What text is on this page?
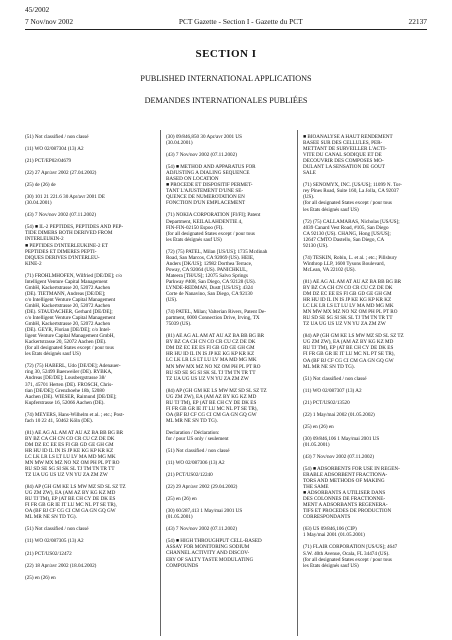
45/2002
7 Nov/nov 2002	PCT Gazette - Section I - Gazette du PCT	22137
SECTION I
PUBLISHED INTERNATIONAL APPLICATIONS
DEMANDES INTERNATIONALES PUBLIÉES
(51) Not classified / non classé
(11) WO 02/087304 (13) A2
(21) PCT/EP02/04679
(22) 27 Apr/avr 2002 (27.04.2002)
(25) de (26) de
(30) 101 21 221.6 30 Apr/avr 2001 DE
(30.04.2001)
(43) 7 Nov/nov 2002 (07.11.2002)
(54) ■ IL-2 PEPTIDES, PEPTIDES AND PEP-
TIDE DIMERS BOTH DERIVED FROM
INTERLEUKIN-2
■ PEPTIDES D'INTERLEUKINE-2 ET
PEPTIDES ET DIMERES PEPTI-
DIQUES DERIVES D'INTERLEU-
KINE-2
(71) FROHLMHOFEN, Wilfried [DE/DE]; c/o
Intelligent Venture Capital Management
GmbH, Kackertstrasse 20, 52072 Aachen
(DE). TIETMANN, Andreas [DE/DE];
c/o Intelligent Venture Capital Management
GmbH, Kackertstrasse 20, 52072 Aachen
(DE). STAUDACHER, Gerhard [DE/DE];
c/o Intelligent Venture Capital Management
GmbH, Kackertstrasse 20, 52072 Aachen
(DE). GEYR, Florian [DE/DE]; c/o Intel-
ligent Venture Capital Management GmbH,
Kackertstrasse 20, 52072 Aachen (DE).
(for all designated States except / pour tous
les États désignés sauf US)
(72) (75) HABERL, Udo [DE/DE]; Adenauer-
ring 30, 52499 Baesweiler (DE). RYBKA,
Andreas [DE/DE]; Lousbergstrasse 38/
371, 45701 Herten (DE). FROSCH, Chris-
tian [DE/DE]; Grenzhoehe 18b, 52080
Aachen (DE). WIESER, Raimund [DE/DE];
Kupferstrasse 16, 52066 Aachen (DE).
(74) MEYERS, Hans-Wilhelm et al. ; etc.; Post-
fach 10 22 41, 50462 Köln (DE).
(81) AE AG AL AM AT AU AZ BA BB BG BR
BY BZ CA CH CN CO CR CU CZ DE DK
DM DZ EC EE ES FI GB GD GE GH GM
HR HU ID IL IN IS JP KE KG KP KR KZ
LC LK LR LS LT LU LV MA MD MG MK
MN MW MX MZ NO NZ OM PH PL PT RO
RU SD SE SG SI SK SL TJ TM TN TR TT
TZ UA UG US UZ VN YU ZA ZM ZW
(84) AP (GH GM KE LS MW MZ SD SL SZ TZ
UG ZM ZW), EA (AM AZ BY KG KZ MD
RU TJ TM), EP (AT BE CH CY DE DK ES
FI FR GB GR IE IT LU MC NL PT SE TR),
OA (BF BJ CF CG CI CM GA GN GQ GW
ML MR NE SN TD TG).
(51) Not classified / non classé
(11) WO 02/087305 (13) A2
(21) PCT/US02/12472
(22) 18 Apr/avr 2002 (18.04.2002)
(25) en (26) en
(30) 09/846,850 30 Apr/avr 2001 US
(30.04.2001)
(43) 7 Nov/nov 2002 (07.11.2002)
(54) ■ METHOD AND APPARATUS FOR
ADJUSTING A DIALING SEQUENCE
BASED ON LOCATION
■ PROCEDE ET DISPOSITIF PERMET-
TANT L'AJUSTEMENT D'UNE SE-
QUENCE DE NUMEROTATION EN
FONCTION D'UN EMPLACEMENT
(71) NOKIA CORPORATION [FI/FI]; Patent
Department, KEILALAHDENTIE 4,
FIN-FIN-02150 Espoo (FI).
(for all designated States except / pour tous
les États désignés sauf US)
(72) (75) PATEL, Milan [US/US]; 1735 Mcdinah
Road, San Marcos, CA 92069 (US). HEIE,
Anders [DK/US]; 12982 Dorthea Terrace,
Poway, CA 92064 (US). PANICHKUL,
Mateera [TH/US]; 12075 Salvo Springs
Parkway #408, San Diego, CA 92128 (US).
LYNDE-REDMAN, Dustt [US/US]; 4324
Corte de Nanavino, San Diego, CA 92130
(US).
(74) PATEL, Milan; Valterian Rivers, Patent De-
partment, 6000 Connection Drive, Irving, TX
75039 (US).
(81) AE AG AL AM AT AU AZ BA BB BG BR
BY BZ CA CH CN CO CR CU CZ DE DK
DM DZ EC EE ES FI GB GD GE GH GM
HR HU ID IL IN IS JP KE KG KP KR KZ
LC LK LR LS LT LU LV MA MD MG MK
MN MW MX MZ NO NZ OM PH PL PT RO
RU SD SE SG SI SK SL TJ TM TN TR TT
TZ UA UG US UZ VN YU ZA ZM ZW
(84) AP (GH GM KE LS MW MZ SD SL SZ TZ
UG ZM ZW), EA (AM AZ BY KG KZ MD
RU TJ TM), EP (AT BE CH CY DE DK ES
FI FR GB GR IE IT LU MC NL PT SE TR),
OA (BF BJ CF CG CI CM GA GN GQ GW
ML MR NE SN TD TG).
Declaration / Déclaration:
for / pour US only / seulement
(51) Not classified / non classé
(11) WO 02/087306 (13) A2
(21) PCT/US02/12240
(22) 29 Apr/avr 2002 (29.04.2002)
(25) en (26) en
(30) 60/287,413 1 May/mai 2001 US
(01.05.2001)
(43) 7 Nov/nov 2002 (07.11.2002)
(54) ■ HIGH THROUGHPUT CELL-BASED
ASSAY FOR MONITORING SODIUM
CHANNEL ACTIVITY AND DISCOV-
ERY OF SALTY TASTE MODULATING
COMPOUNDS
■ BIOANALYSE A HAUT RENDEMENT
BASEE SUR DES CELLULES, PER-
METTANT DE SURVEILLER L'ACTI-
VITE DU CANAL SODIQUE ET DE
DECOUVRIR DES COMPOSES MO-
DULANT LA SENSATION DE GOUT
SALE
(71) SENOMYX, INC. [US/US]; 11099 N. Tor-
rey Pines Road, Suite 160, La Jolla, CA 92037
(US).
(for all designated States except / pour tous
les États désignés sauf US)
(72) (75) CALLAMARAS, Nicholas [US/US];
4039 Canard Vest Road, #105, San Diego
CA 92130 (US). CHANG, Hong [US/US];
12647 CMTO Dastello, San Diego, CA
92130 (US).
(74) TESKIN, Robin, L. et al. ; etc.; Pillsbury
Winthrop LLP, 1600 Tysons Boulevard,
McLean, VA 22102 (US).
(81) AE AG AL AM AT AU AZ BA BB BG BR
BY BZ CA CH CN CO CR CU CZ DE DK
DM DZ EC EE ES FI GB GD GE GH GM
HR HU ID IL IN IS JP KE KG KP KR KZ
LC LK LR LS LT LU LV MA MD MG MK
MN MW MX MZ NO NZ OM PH PL PT RO
RU SD SE SG SI SK SL TJ TM TN TR TT
TZ UA UG US UZ VN YU ZA ZM ZW
(84) AP (GH GM KE LS MW MZ SD SL SZ TZ
UG ZM ZW), EA (AM AZ BY KG KZ MD
RU TJ TM), EP (AT BE CH CY DE DK ES
FI FR GB GR IE IT LU MC NL PT SE TR),
OA (BF BJ CF CG CI CM GA GN GQ GW
ML MR NE SN TD TG).
(51) Not classified / non classé
(11) WO 02/087307 (13) A2
(21) PCT/US02/13520
(22) 1 May/mai 2002 (01.05.2002)
(25) en (26) en
(30) 09/846,106 1 May/mai 2001 US
(01.05.2001)
(43) 7 Nov/nov 2002 (07.11.2002)
(54) ■ ADSORBENTS FOR USE IN REGEN-
ERABLE ADSORBENT FRACTIONA-
TORS AND METHODS OF MAKING
THE SAME
■ ADSORBANTS A UTILISER DANS
DES COLONNES DE FRACTIONNE-
MENT A ADSORBANTS REGENERA-
TIFS ET PROCEDES DE PRODUCTION
CORRESPONDANTS
(63) US 09/846,106 (CIP)
1 May/mai 2001 (01.05.2001)
(71) FLAIR CORPORATION [US/US]; 4647
S.W. 40th Avenue, Ocala, FL 34474 (US).
(for all designated States except / pour tous
les États désignés sauf US)
